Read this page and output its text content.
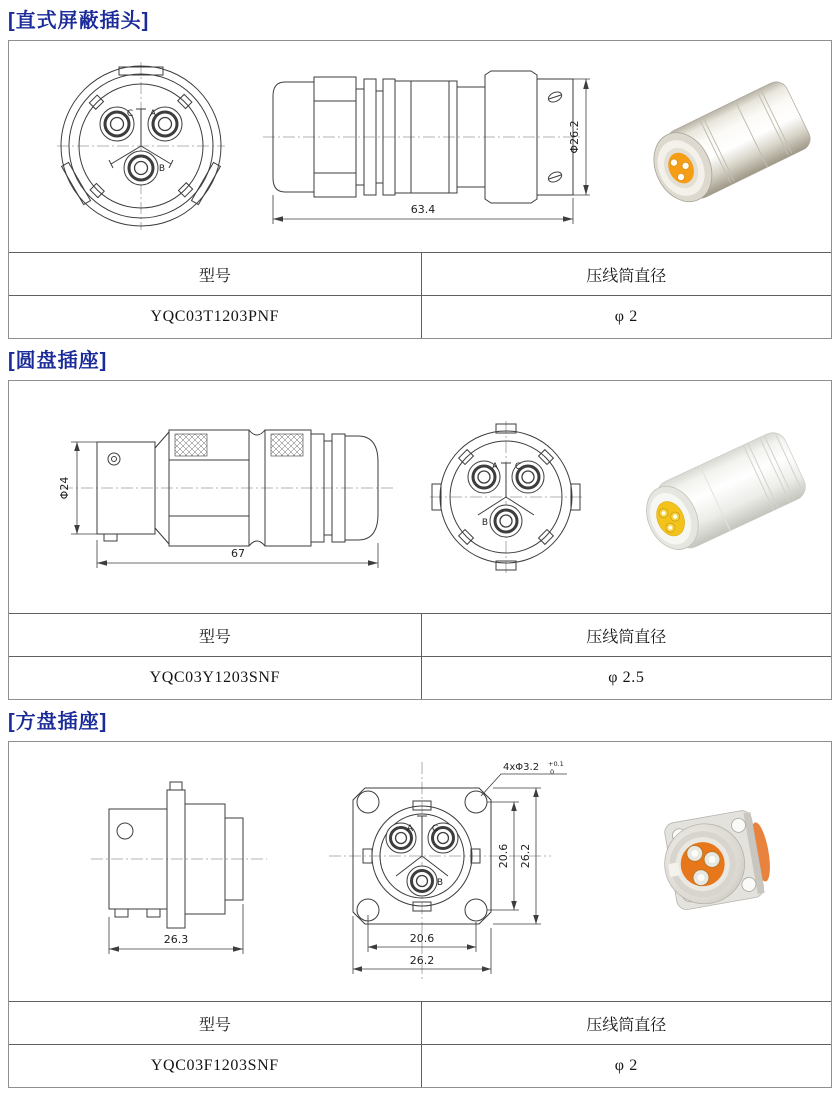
[直式屏蔽插头]
C A
B
63.4
Φ26.2
型号	压线筒直径
YQC03T1203PNF	φ 2
[圆盘插座]
Φ24
67
A C
B
型号	压线筒直径
YQC03Y1203SNF	φ 2.5
[方盘插座]
26.3
A C
B
4xΦ3.2 +0.1
0
20.6 26.2
20.6
26.2
型号	压线筒直径
YQC03F1203SNF	φ 2
